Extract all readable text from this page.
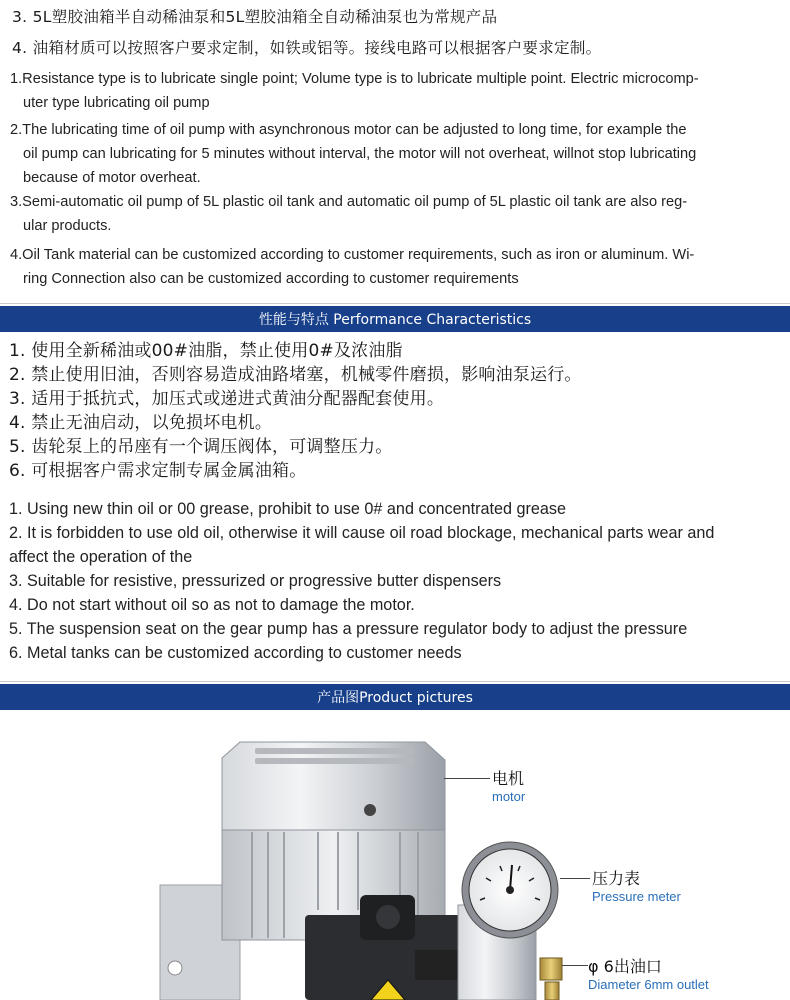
3. 5L塑胶油箱半自动稀油泵和5L塑胶油箱全自动稀油泵也为常规产品
4. 油箱材质可以按照客户要求定制，如铁或铝等。接线电路可以根据客户要求定制。
1.Resistance type is to lubricate single point; Volume type is to lubricate multiple point. Electric microcomp-
uter type lubricating oil pump
2.The lubricating time of oil pump with asynchronous motor can be adjusted to long time, for example the
oil pump can lubricating for 5 minutes without interval, the motor will not overheat, willnot stop lubricating
because of motor overheat.
3.Semi-automatic oil pump of 5L plastic oil tank and automatic oil pump of 5L plastic oil tank are also reg-
ular products.
4.Oil Tank material can be customized according to customer requirements, such as iron or aluminum. Wi-
ring Connection also can be customized according to customer requirements
性能与特点 Performance Characteristics
1. 使用全新稀油或00#油脂，禁止使用0#及浓油脂
2. 禁止使用旧油，否则容易造成油路堵塞，机械零件磨损，影响油泵运行。
3. 适用于抵抗式，加压式或递进式黄油分配器配套使用。
4. 禁止无油启动，以免损坏电机。
5. 齿轮泵上的吊座有一个调压阀体，可调整压力。
6. 可根据客户需求定制专属金属油箱。
1. Using new thin oil or 00 grease, prohibit to use 0# and concentrated grease
2. It is forbidden to use old oil, otherwise it will cause oil road blockage, mechanical parts wear and
affect the operation of the
3. Suitable for resistive, pressurized or progressive butter dispensers
4. Do not start without oil so as not to damage the motor.
5. The suspension seat on the gear pump has a pressure regulator body to adjust the pressure
6. Metal tanks can be customized according to customer needs
产品图Product pictures
电机
motor
压力表
Pressure meter
φ 6出油口
Diameter 6mm outlet
